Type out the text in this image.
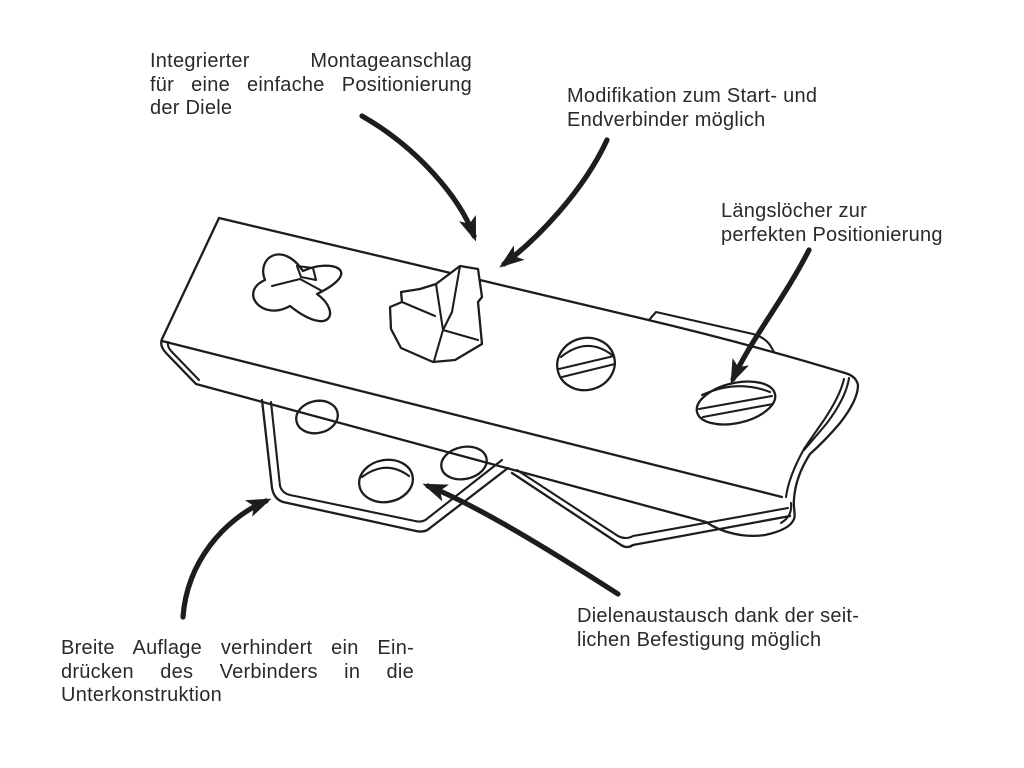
Integrierter Montageanschlag
für eine einfache Positionierung
der Diele
Modifikation zum Start- und
Endverbinder möglich
Längslöcher zur
perfekten Positionierung
Breite Auflage verhindert ein Ein-
drücken des Verbinders in die
Unterkonstruktion
Dielenaustausch dank der seit-
lichen Befestigung möglich
